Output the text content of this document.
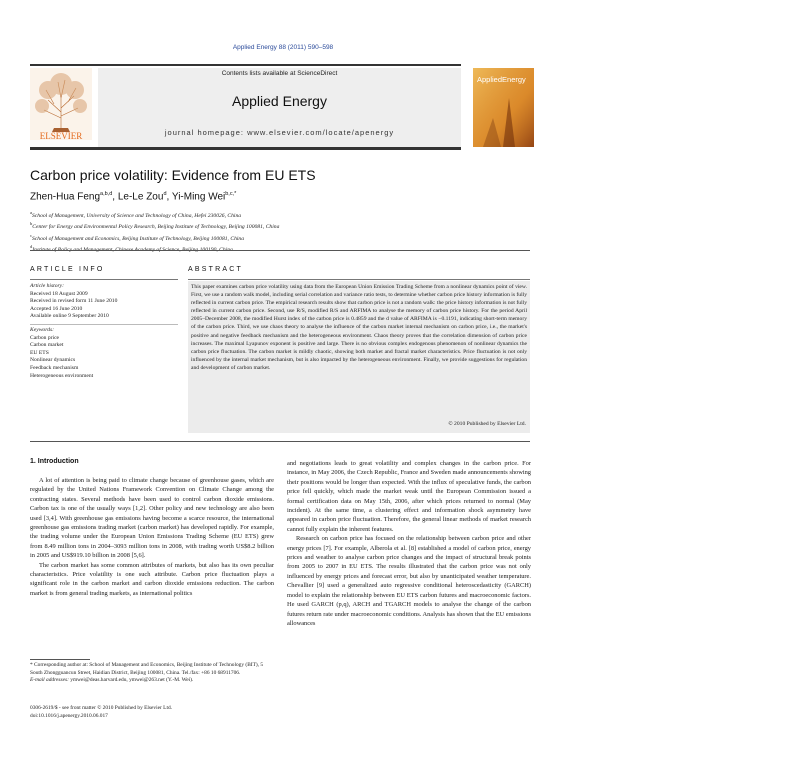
Applied Energy 88 (2011) 590–598
ELSEVIER
Contents lists available at ScienceDirect
Applied Energy
journal homepage: www.elsevier.com/locate/apenergy
AppliedEnergy
Carbon price volatility: Evidence from EU ETS
Zhen-Hua Feng$^{a,b,d}$, Le-Le Zou$^d$, Yi-Ming Wei$^{b,c,*}$
$^a$School of Management, University of Science and Technology of China, Hefei 230026, China
$^b$Center for Energy and Environmental Policy Research, Beijing Institute of Technology, Beijing 100081, China
$^c$School of Management and Economics, Beijing Institute of Technology, Beijing 100081, China
$^d$
ARTICLE INFO	ABSTRACT
Article history:
Received 18 August 2009
Received in revised form 11 June 2010
Accepted 16 June 2010
Available online 9 September 2010
Keywords:
Carbon price
Carbon market
EU ETS
Nonlinear dynamics
Feedback mechanism
Heterogeneous environment
This paper examines carbon price volatility using data from the European Union Emission Trading Scheme from a nonlinear dynamics point of view. First, we use a random walk model, including serial correlation and variance ratio tests, to determine whether carbon price history information is fully reflected in current carbon price. The empirical research results show that carbon price is not a random walk: the price history information is not fully reflected in current carbon price. Second, use R/S, modified R/S and ARFIMA to analyse the memory of carbon price history. For the period April 2005–December 2008, the modified Hurst index of the carbon price is 0.4859 and the d value of ARFIMA is −0.1191, indicating short-term memory of the carbon price. Third, we use chaos theory to analyse the influence of the carbon market internal mechanism on carbon price, i.e., the market's positive and negative feedback mechanism and the heterogeneous environment. Chaos theory proves that the correlation dimension of carbon price increases. The maximal Lyapunov exponent is positive and large. There is no obvious complex endogenous phenomenon of nonlinear dynamics the carbon price fluctuation. The carbon market is mildly chaotic, showing both market and fractal market characteristics. Price fluctuation is not only influenced by the internal market mechanism, but is also impacted by the heterogeneous environment. Finally, we provide suggestions for regulation and development of carbon market.
© 2010 Published by Elsevier Ltd.
1. Introduction

A lot of attention is being paid to climate change because of greenhouse gases, which are regulated by the United Nations Framework Convention on Climate Change among the contracting states. Several methods have been used to control carbon dioxide emissions. Carbon tax is one of the usually ways [1,2]. Other policy and new technology are also been used [3,4]. With greenhouse gas emissions having become a scarce resource, the international greenhouse gas emissions trading market (carbon market) has developed rapidly. For example, the trading volume under the European Union Emissions Trading Scheme (EU ETS) grew from 8.49 million tons in 2004–3093 million tons in 2008, with trading worth US$8.2 billion in 2005 and US$919.10 billion in 2008 [5,6].

The carbon market has some common attributes of markets, but also has its own peculiar characteristics. Price volatility is one such attribute. Carbon price fluctuation plays a significant role in the carbon market and carbon dioxide emissions reduction. The carbon market is from general trading markets, as international politics

and negotiations leads to great volatility and complex changes in the carbon price. For instance, in May 2006, the Czech Republic, France and Sweden made announcements showing their positions would be longer than expected. With the influx of speculative funds, the carbon price fell quickly, which made the market weak until the European Commission issued a formal certification data on May 15th, 2006, after which prices returned to normal (May incident). At the same time, a clustering effect and information shock asymmetry have appeared in carbon price fluctuation. Therefore, the general linear methods of market research cannot fully explain the inherent features.

Research on carbon price has focused on the relationship between carbon price and other energy prices [7]. For example, Alberola et al. [8] established a model of carbon price, energy prices and weather to analyse carbon price changes and the impact of structural break points from 2005 to 2007 in EU ETS. The results illustrated that the carbon price was not only influenced by energy prices and forecast error, but also by unanticipated weather temperature. Chevallier [9] used a generalized auto regressive conditional heteroscedasticity (GARCH) model to explain the relationship between EU ETS carbon futures and macroeconomic factors. He used GARCH (p,q), ARCH and TGARCH models to analyse the change of the carbon futures return rate under macroeconomic conditions. Analysis has shown that the EU emissions allowances

* Corresponding author at: School of Management and Economics, Beijing Institute of Technology (BIT), 5 South Zhongguancun Street, Haidian District, Beijing 100081, China. Tel./fax: +86 10 68911706.
E-mail addresses: ymwei@deas.harvard.edu, ymwei@263.net (Y.-M. Wei).
0306-2619/$ - see front matter © 2010 Published by Elsevier Ltd.
doi:10.1016/j.apenergy.2010.06.017
